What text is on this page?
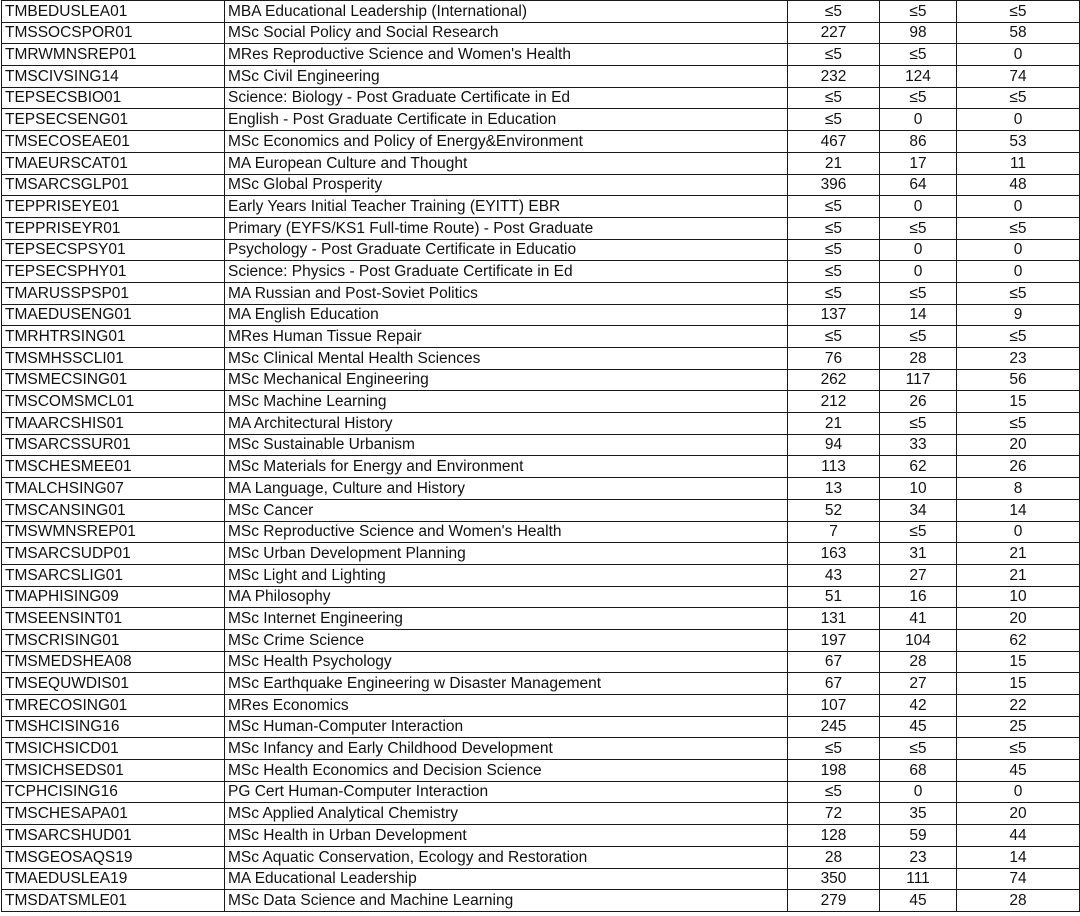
TMBEDUSLEA01	MBA Educational Leadership (International)	≤5	≤5	≤5
TMSSOCSPOR01	MSc Social Policy and Social Research	227	98	58
TMRWMNSREP01	MRes Reproductive Science and Women's Health	≤5	≤5	0
TMSCIVSING14	MSc Civil Engineering	232	124	74
TEPSECSBIO01	Science: Biology - Post Graduate Certificate in Ed	≤5	≤5	≤5
TEPSECSENG01	English - Post Graduate Certificate in Education	≤5	0	0
TMSECOSEAE01	MSc Economics and Policy of Energy&Environment	467	86	53
TMAEURSCAT01	MA European Culture and Thought	21	17	11
TMSARCSGLP01	MSc Global Prosperity	396	64	48
TEPPRISEYE01	Early Years Initial Teacher Training (EYITT) EBR	≤5	0	0
TEPPRISEYR01	Primary (EYFS/KS1 Full-time Route) - Post Graduate	≤5	≤5	≤5
TEPSECSPSY01	Psychology - Post Graduate Certificate in Educatio	≤5	0	0
TEPSECSPHY01	Science: Physics - Post Graduate Certificate in Ed	≤5	0	0
TMARUSSPSP01	MA Russian and Post-Soviet Politics	≤5	≤5	≤5
TMAEDUSENG01	MA English Education	137	14	9
TMRHTRSING01	MRes Human Tissue Repair	≤5	≤5	≤5
TMSMHSSCLI01	MSc Clinical Mental Health Sciences	76	28	23
TMSMECSING01	MSc Mechanical Engineering	262	117	56
TMSCOMSMCL01	MSc Machine Learning	212	26	15
TMAARCSHIS01	MA Architectural History	21	≤5	≤5
TMSARCSSUR01	MSc Sustainable Urbanism	94	33	20
TMSCHESMEE01	MSc Materials for Energy and Environment	113	62	26
TMALCHSING07	MA Language, Culture and History	13	10	8
TMSCANSING01	MSc Cancer	52	34	14
TMSWMNSREP01	MSc Reproductive Science and Women's Health	7	≤5	0
TMSARCSUDP01	MSc Urban Development Planning	163	31	21
TMSARCSLIG01	MSc Light and Lighting	43	27	21
TMAPHISING09	MA Philosophy	51	16	10
TMSEENSINT01	MSc Internet Engineering	131	41	20
TMSCRISING01	MSc Crime Science	197	104	62
TMSMEDSHEA08	MSc Health Psychology	67	28	15
TMSEQUWDIS01	MSc Earthquake Engineering w Disaster Management	67	27	15
TMRECOSING01	MRes Economics	107	42	22
TMSHCISING16	MSc Human-Computer Interaction	245	45	25
TMSICHSICD01	MSc Infancy and Early Childhood Development	≤5	≤5	≤5
TMSICHSEDS01	MSc Health Economics and Decision Science	198	68	45
TCPHCISING16	PG Cert Human-Computer Interaction	≤5	0	0
TMSCHESAPA01	MSc Applied Analytical Chemistry	72	35	20
TMSARCSHUD01	MSc Health in Urban Development	128	59	44
TMSGEOSAQS19	MSc Aquatic Conservation, Ecology and Restoration	28	23	14
TMAEDUSLEA19	MA Educational Leadership	350	111	74
TMSDATSMLE01	MSc Data Science and Machine Learning	279	45	28
